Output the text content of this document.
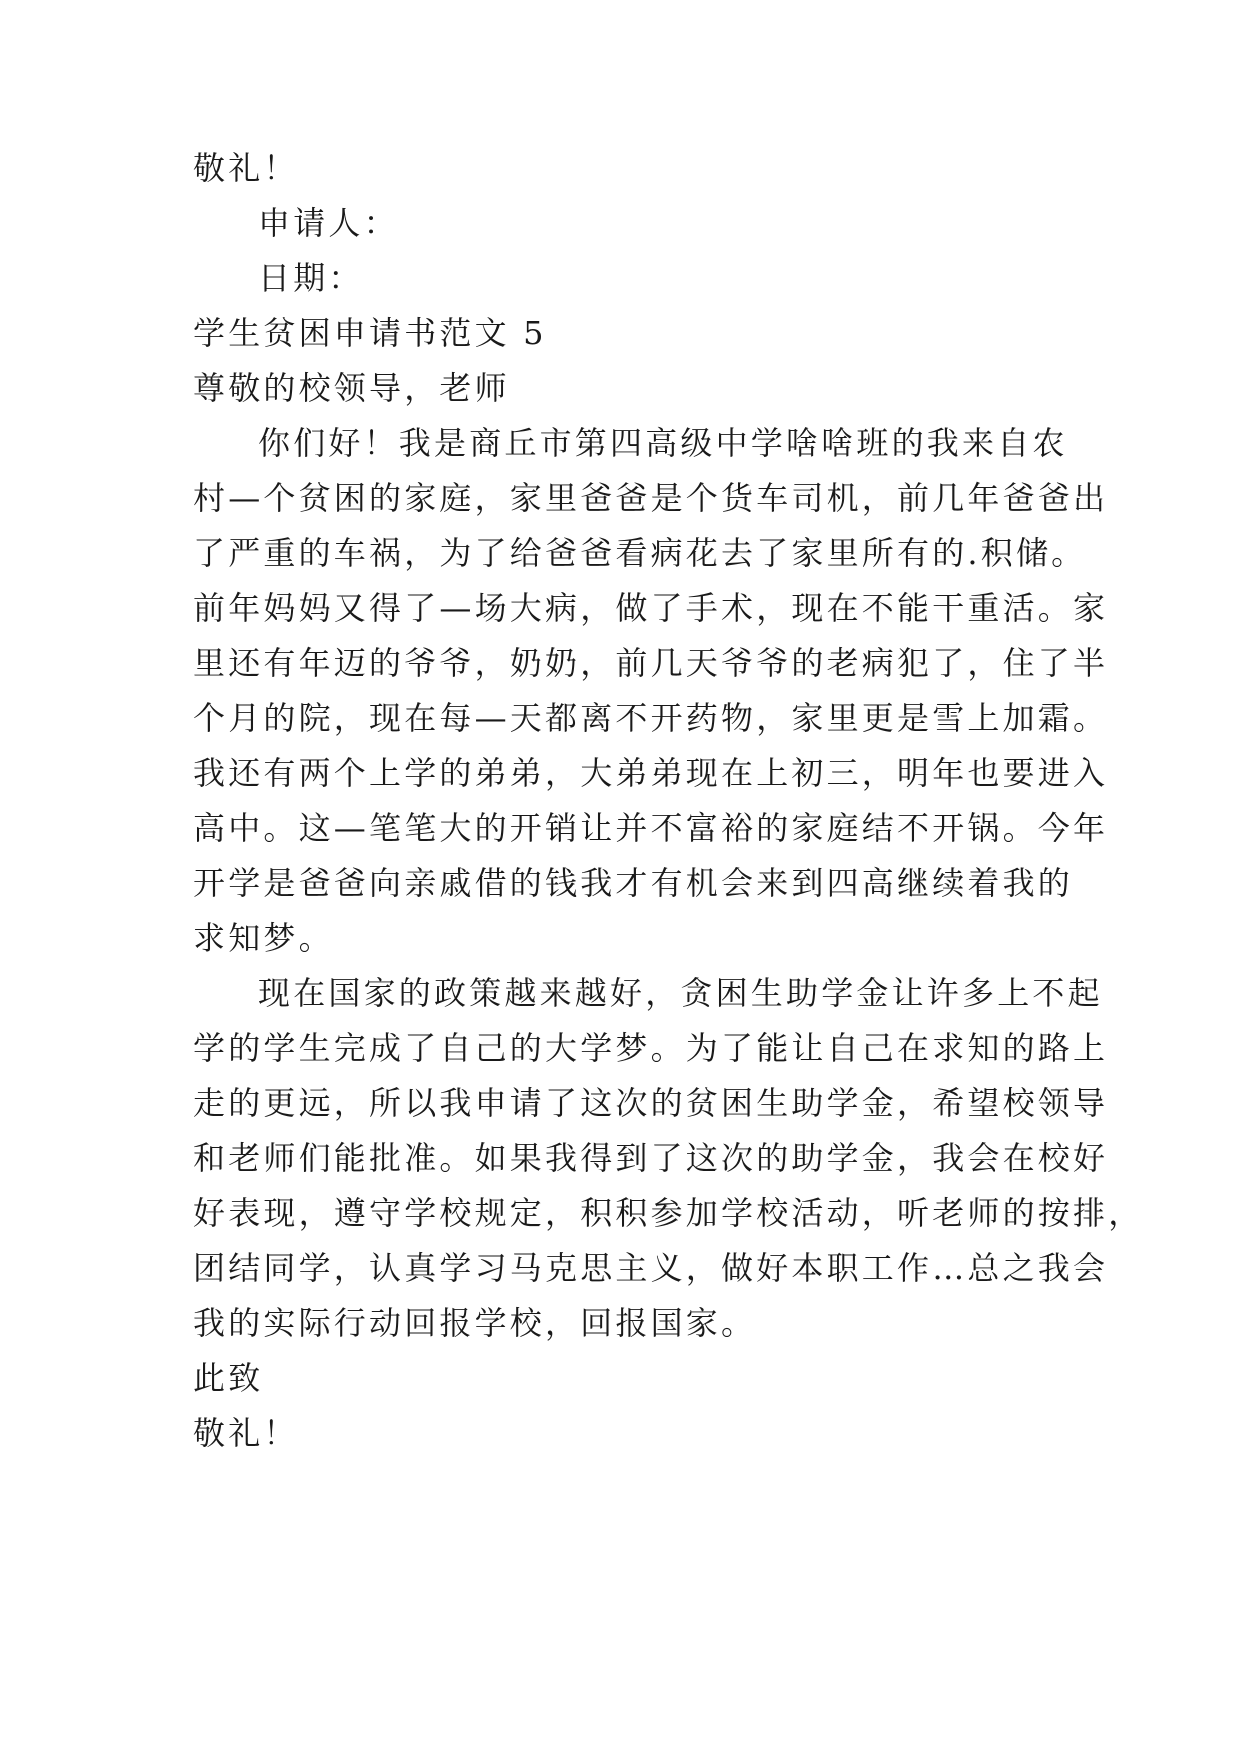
敬礼！
申请人：
日期：
学生贫困申请书范文 5
尊敬的校领导，老师
你们好！我是商丘市第四高级中学啥啥班的我来自农
村—个贫困的家庭，家里爸爸是个货车司机，前几年爸爸出
了严重的车祸，为了给爸爸看病花去了家里所有的.积储。
前年妈妈又得了—场大病，做了手术，现在不能干重活。家
里还有年迈的爷爷，奶奶，前几天爷爷的老病犯了，住了半
个月的院，现在每—天都离不开药物，家里更是雪上加霜。
我还有两个上学的弟弟，大弟弟现在上初三，明年也要进入
高中。这—笔笔大的开销让并不富裕的家庭结不开锅。今年
开学是爸爸向亲戚借的钱我才有机会来到四高继续着我的
求知梦。
现在国家的政策越来越好，贪困生助学金让许多上不起
学的学生完成了自己的大学梦。为了能让自己在求知的路上
走的更远，所以我申请了这次的贫困生助学金，希望校领导
和老师们能批准。如果我得到了这次的助学金，我会在校好
好表现，遵守学校规定，积积参加学校活动，听老师的按排，
团结同学，认真学习马克思主义，做好本职工作…总之我会
我的实际行动回报学校，回报国家。
此致
敬礼！
